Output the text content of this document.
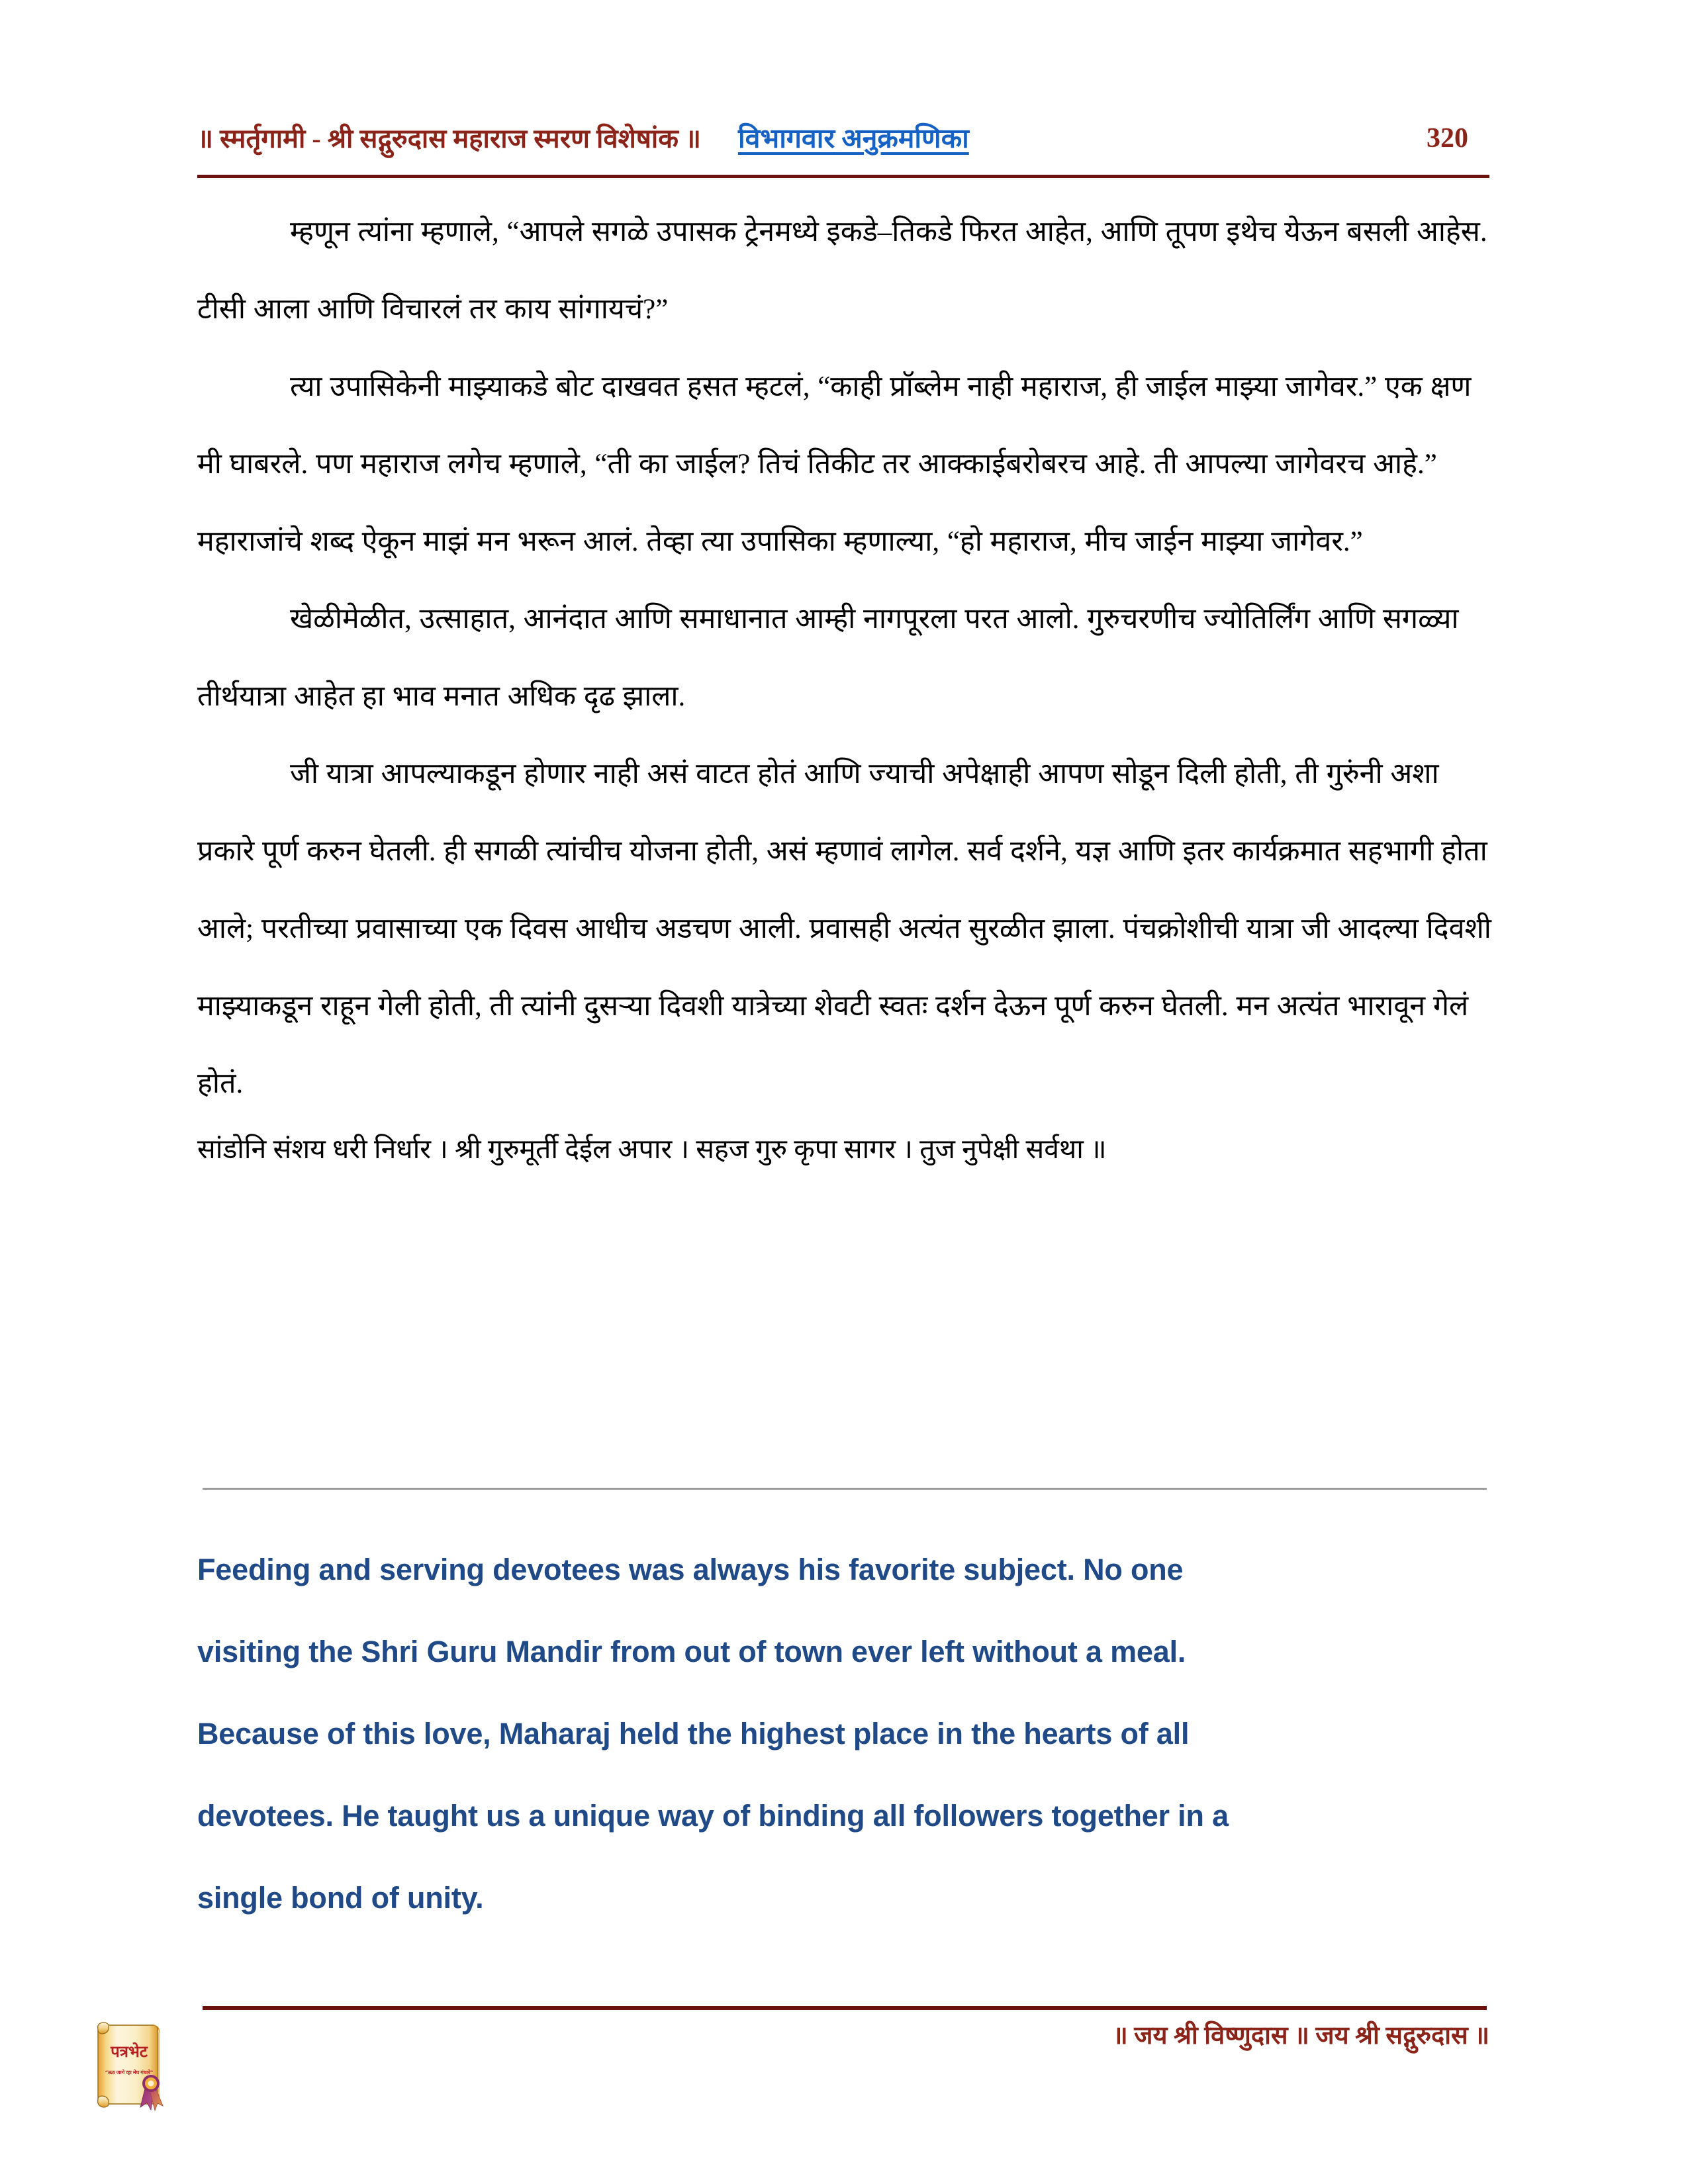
॥ स्मर्तृगामी - श्री सद्गुरुदास महाराज स्मरण विशेषांक ॥ विभागवार अनुक्रमणिका	320

म्हणून त्यांना म्हणाले, “आपले सगळे उपासक ट्रेनमध्ये इकडे–तिकडे फिरत आहेत, आणि तूपण इथेच येऊन बसली आहेस. टीसी आला आणि विचारलं तर काय सांगायचं?”

त्या उपासिकेनी माझ्याकडे बोट दाखवत हसत म्हटलं, “काही प्रॉब्लेम नाही महाराज, ही जाईल माझ्या जागेवर.” एक क्षण मी घाबरले. पण महाराज लगेच म्हणाले, “ती का जाईल? तिचं तिकीट तर आक्काईबरोबरच आहे. ती आपल्या जागेवरच आहे.” महाराजांचे शब्द ऐकून माझं मन भरून आलं. तेव्हा त्या उपासिका म्हणाल्या, “हो महाराज, मीच जाईन माझ्या जागेवर.”

खेळीमेळीत, उत्साहात, आनंदात आणि समाधानात आम्ही नागपूरला परत आलो. गुरुचरणीच ज्योतिर्लिंग आणि सगळ्या तीर्थयात्रा आहेत हा भाव मनात अधिक दृढ झाला.

जी यात्रा आपल्याकडून होणार नाही असं वाटत होतं आणि ज्याची अपेक्षाही आपण सोडून दिली होती, ती गुरुंनी अशा प्रकारे पूर्ण करुन घेतली. ही सगळी त्यांचीच योजना होती, असं म्हणावं लागेल. सर्व दर्शने, यज्ञ आणि इतर कार्यक्रमात सहभागी होता आले; परतीच्या प्रवासाच्या एक दिवस आधीच अडचण आली. प्रवासही अत्यंत सुरळीत झाला. पंचक्रोशीची यात्रा जी आदल्या दिवशी माझ्याकडून राहून गेली होती, ती त्यांनी दुसऱ्या दिवशी यात्रेच्या शेवटी स्वतः दर्शन देऊन पूर्ण करुन घेतली. मन अत्यंत भारावून गेलं होतं.

सांडोनि संशय धरी निर्धार । श्री गुरुमूर्ती देईल अपार । सहज गुरु कृपा सागर । तुज नुपेक्षी सर्वथा ॥

Feeding and serving devotees was always his favorite subject. No one

visiting the Shri Guru Mandir from out of town ever left without a meal.

Because of this love, Maharaj held the highest place in the hearts of all

devotees. He taught us a unique way of binding all followers together in a

single bond of unity.

॥ जय श्री विष्णुदास ॥ जय श्री सद्गुरुदास ॥
पत्रभेट
“ऊठ जागे व्हा मेघ गंधारे”
